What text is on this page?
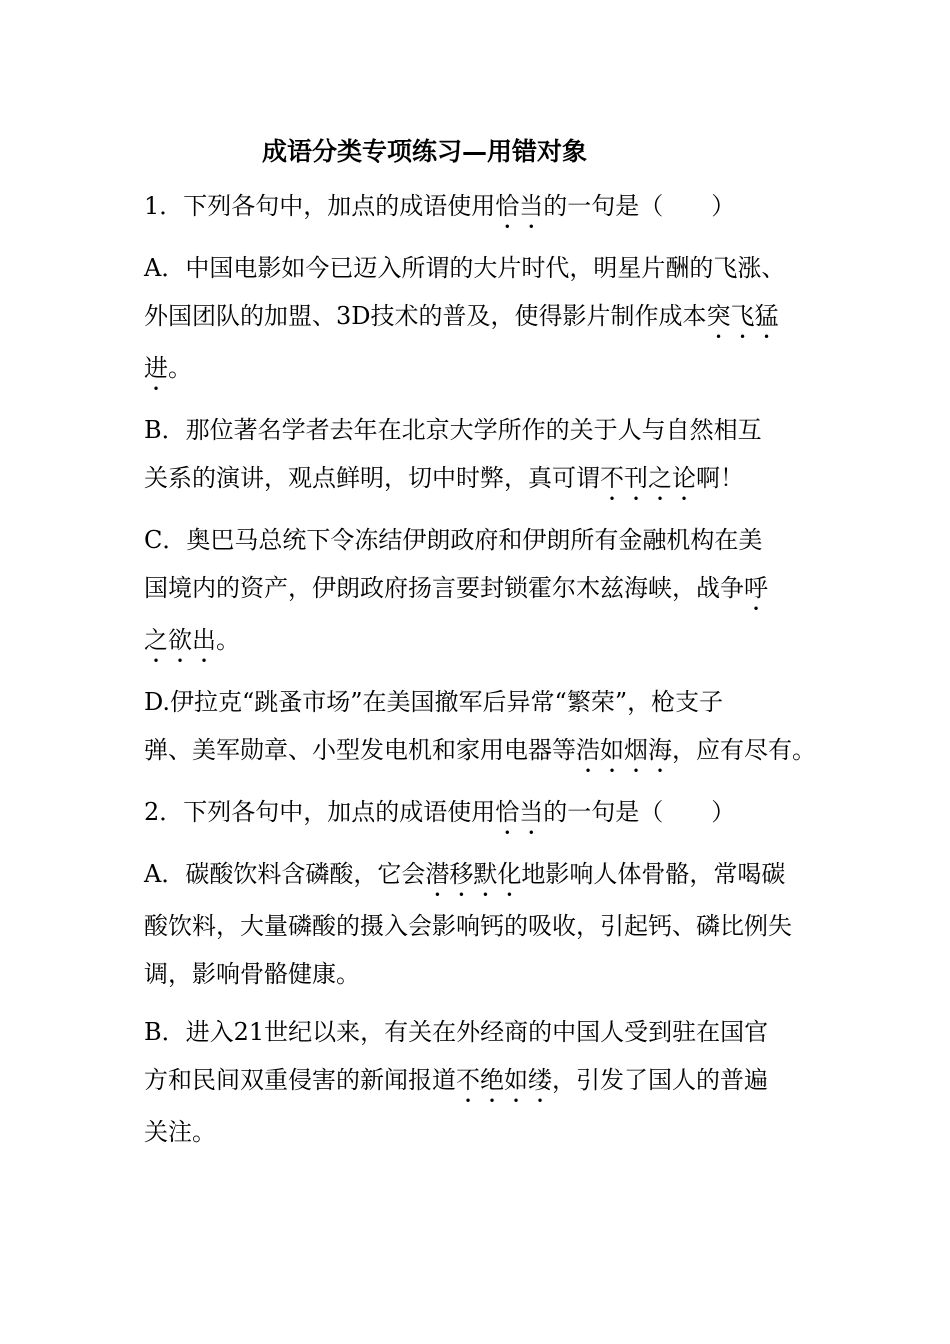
成语分类专项练习—用错对象

1．下列各句中，加点的成语使用恰当的一句是（　　）

A．中国电影如今已迈入所谓的大片时代，明星片酬的飞涨、

外国团队的加盟、3D技术的普及，使得影片制作成本突飞猛

进。

B．那位著名学者去年在北京大学所作的关于人与自然相互

关系的演讲，观点鲜明，切中时弊，真可谓不刊之论啊！

C．奥巴马总统下令冻结伊朗政府和伊朗所有金融机构在美

国境内的资产，伊朗政府扬言要封锁霍尔木兹海峡，战争呼

之欲出。

D.伊拉克“跳蚤市场”在美国撤军后异常“繁荣”，枪支子

弹、美军勋章、小型发电机和家用电器等浩如烟海，应有尽有。

2．下列各句中，加点的成语使用恰当的一句是（　　）

A．碳酸饮料含磷酸，它会潜移默化地影响人体骨骼，常喝碳

酸饮料，大量磷酸的摄入会影响钙的吸收，引起钙、磷比例失

调，影响骨骼健康。

B．进入21世纪以来，有关在外经商的中国人受到驻在国官

方和民间双重侵害的新闻报道不绝如缕，引发了国人的普遍

关注。
